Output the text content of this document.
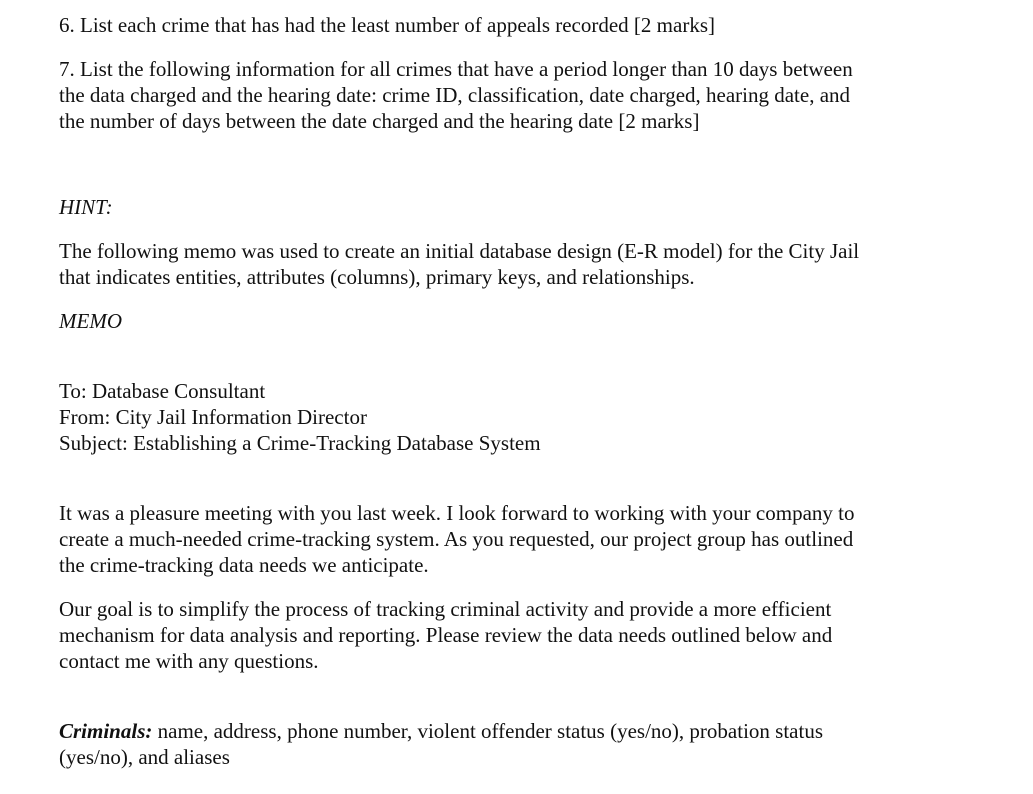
6. List each crime that has had the least number of appeals recorded [2 marks]

7. List the following information for all crimes that have a period longer than 10 days between
the data charged and the hearing date: crime ID, classification, date charged, hearing date, and
the number of days between the date charged and the hearing date [2 marks]

HINT:

The following memo was used to create an initial database design (E-R model) for the City Jail
that indicates entities, attributes (columns), primary keys, and relationships.

MEMO

To: Database Consultant
From: City Jail Information Director
Subject: Establishing a Crime-Tracking Database System

It was a pleasure meeting with you last week. I look forward to working with your company to
create a much-needed crime-tracking system. As you requested, our project group has outlined
the crime-tracking data needs we anticipate.

Our goal is to simplify the process of tracking criminal activity and provide a more efficient
mechanism for data analysis and reporting. Please review the data needs outlined below and
contact me with any questions.

Criminals: name, address, phone number, violent offender status (yes/no), probation status
(yes/no), and aliases
